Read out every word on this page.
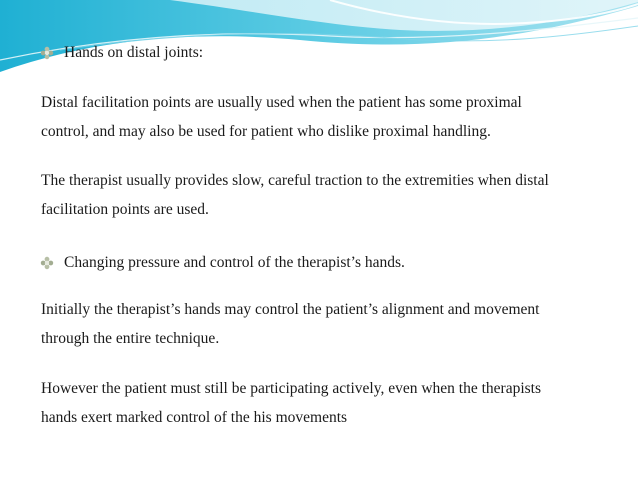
Hands on distal joints:
Distal facilitation points are usually used when the patient has some proximal
control, and may also be used for patient who dislike proximal handling.
The therapist usually provides slow, careful traction to the extremities when distal
facilitation points are used.
Changing pressure and control of the therapist’s hands.
Initially the therapist’s hands may control the patient’s alignment and movement
through the entire technique.
However the patient must still be participating actively, even when the therapists
hands exert marked control of the his movements
